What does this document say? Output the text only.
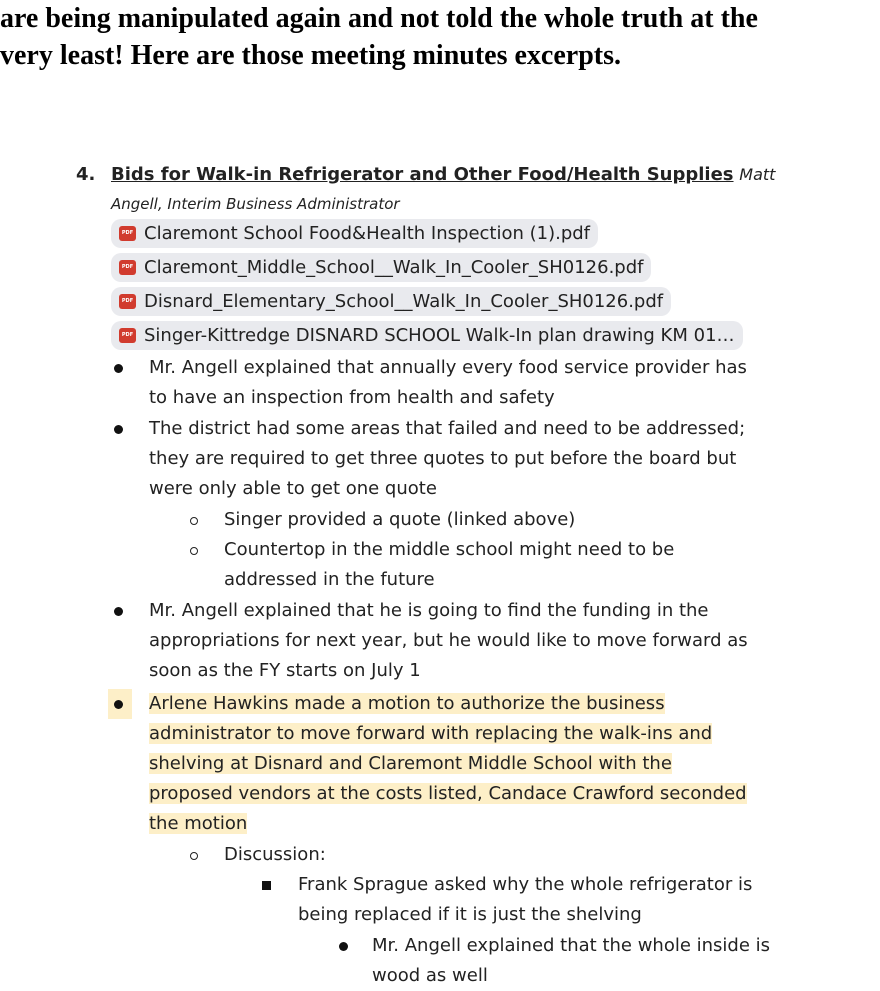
are being manipulated again and not told the whole truth at the
very least! Here are those meeting minutes excerpts.
4. Bids for Walk-in Refrigerator and Other Food/Health Supplies Matt
Angell, Interim Business Administrator
PDF Claremont School Food&Health Inspection (1).pdf
PDF Claremont_Middle_School__Walk_In_Cooler_SH0126.pdf
PDF Disnard_Elementary_School__Walk_In_Cooler_SH0126.pdf
PDF Singer-Kittredge DISNARD SCHOOL Walk-In plan drawing KM 01…
Mr. Angell explained that annually every food service provider has
to have an inspection from health and safety
The district had some areas that failed and need to be addressed;
they are required to get three quotes to put before the board but
were only able to get one quote
Singer provided a quote (linked above)
Countertop in the middle school might need to be
addressed in the future
Mr. Angell explained that he is going to find the funding in the
appropriations for next year, but he would like to move forward as
soon as the FY starts on July 1
Arlene Hawkins made a motion to authorize the business
administrator to move forward with replacing the walk-ins and
shelving at Disnard and Claremont Middle School with the
proposed vendors at the costs listed, Candace Crawford seconded
the motion
Discussion:
Frank Sprague asked why the whole refrigerator is
being replaced if it is just the shelving
Mr. Angell explained that the whole inside is
wood as well
